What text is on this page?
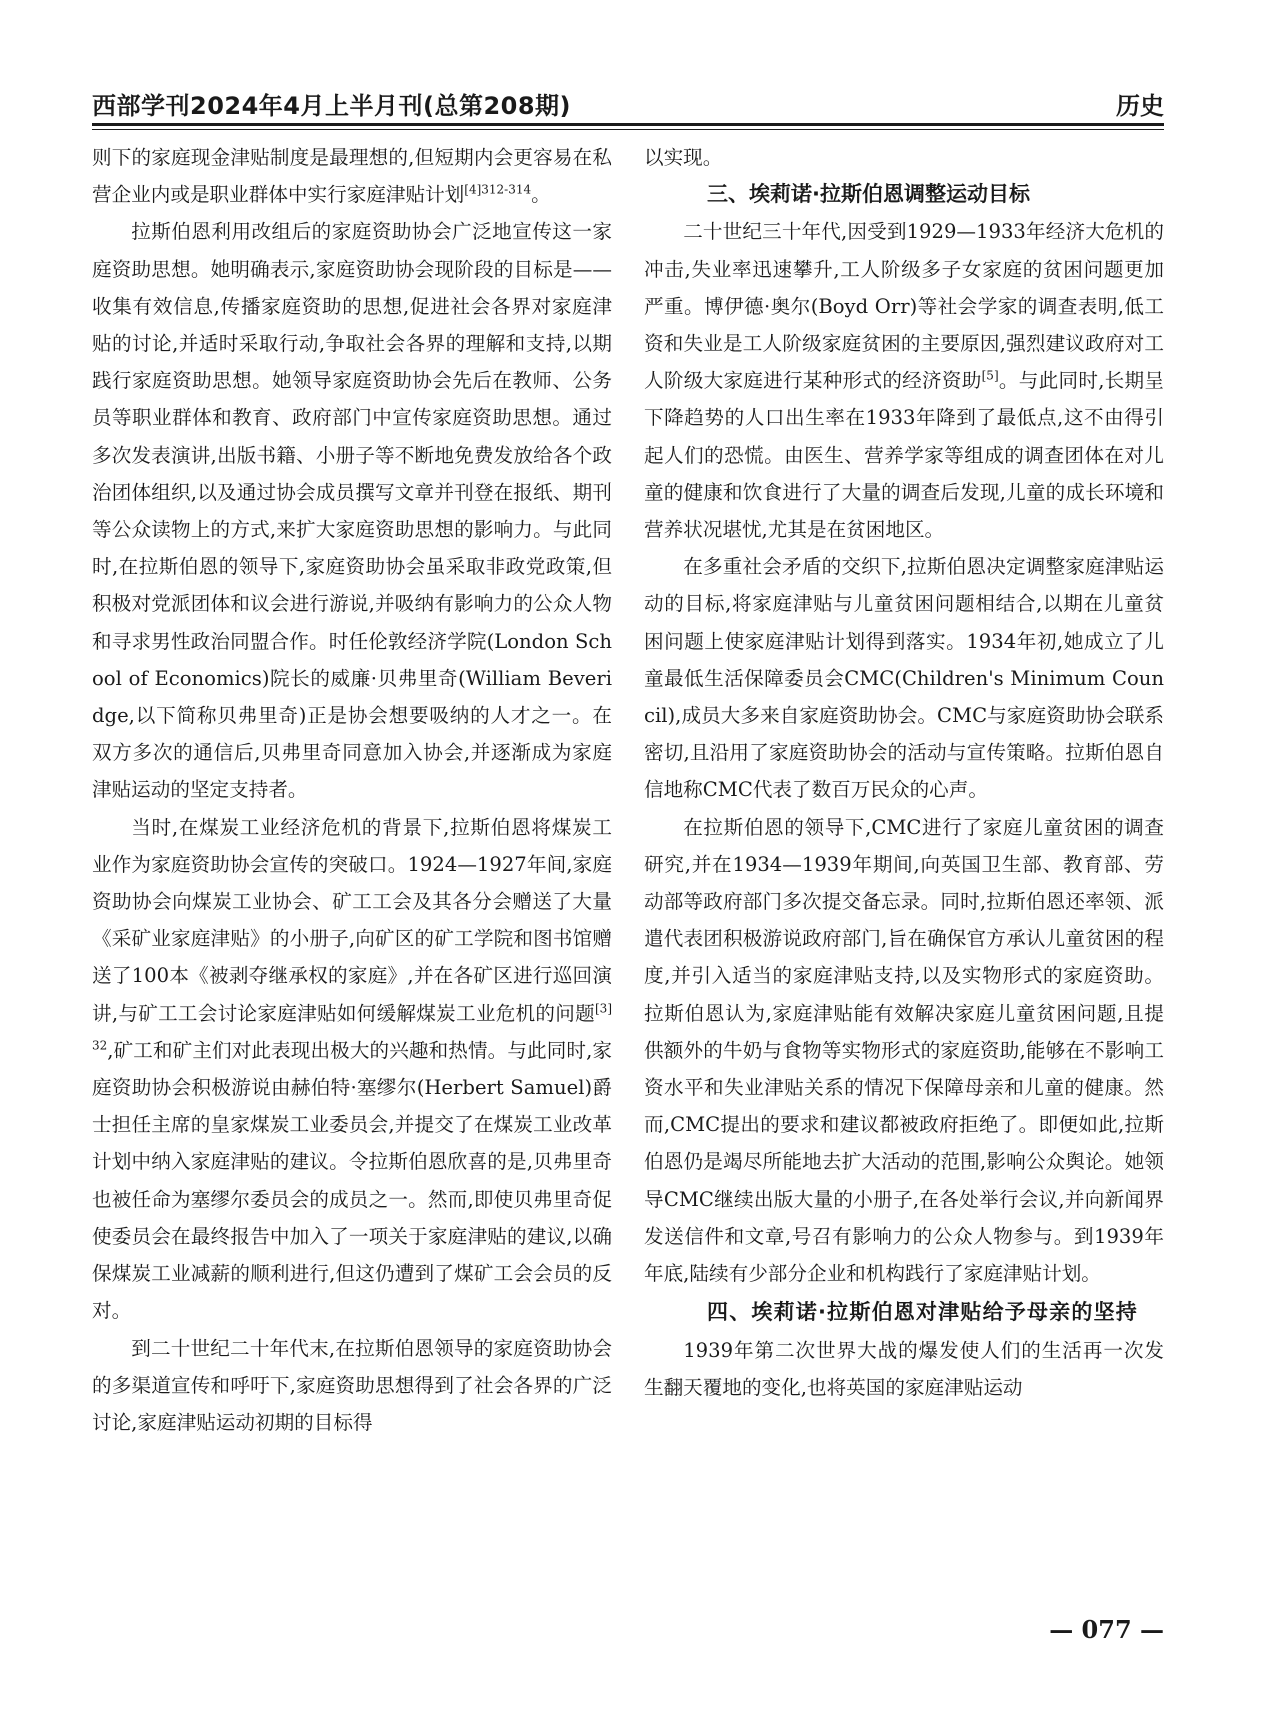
西部学刊2024年4月上半月刊(总第208期)	历史

则下的家庭现金津贴制度是最理想的,但短期内会更容易在私营企业内或是职业群体中实行家庭津贴计划$^{[4]312-314}$。

拉斯伯恩利用改组后的家庭资助协会广泛地宣传这一家庭资助思想。她明确表示,家庭资助协会现阶段的目标是——收集有效信息,传播家庭资助的思想,促进社会各界对家庭津贴的讨论,并适时采取行动,争取社会各界的理解和支持,以期践行家庭资助思想。她领导家庭资助协会先后在教师、公务员等职业群体和教育、政府部门中宣传家庭资助思想。通过多次发表演讲,出版书籍、小册子等不断地免费发放给各个政治团体组织,以及通过协会成员撰写文章并刊登在报纸、期刊等公众读物上的方式,来扩大家庭资助思想的影响力。与此同时,在拉斯伯恩的领导下,家庭资助协会虽采取非政党政策,但积极对党派团体和议会进行游说,并吸纳有影响力的公众人物和寻求男性政治同盟合作。时任伦敦经济学院(London School of Economics)院长的威廉·贝弗里奇(William Beveridge,以下简称贝弗里奇)正是协会想要吸纳的人才之一。在双方多次的通信后,贝弗里奇同意加入协会,并逐渐成为家庭津贴运动的坚定支持者。

当时,在煤炭工业经济危机的背景下,拉斯伯恩将煤炭工业作为家庭资助协会宣传的突破口。1924—1927年间,家庭资助协会向煤炭工业协会、矿工工会及其各分会赠送了大量《采矿业家庭津贴》的小册子,向矿区的矿工学院和图书馆赠送了100本《被剥夺继承权的家庭》,并在各矿区进行巡回演讲,与矿工工会讨论家庭津贴如何缓解煤炭工业危机的问题$^{[3]32}$,矿工和矿主们对此表现出极大的兴趣和热情。与此同时,家庭资助协会积极游说由赫伯特·塞缪尔(Herbert Samuel)爵士担任主席的皇家煤炭工业委员会,并提交了在煤炭工业改革计划中纳入家庭津贴的建议。令拉斯伯恩欣喜的是,贝弗里奇也被任命为塞缪尔委员会的成员之一。然而,即使贝弗里奇促使委员会在最终报告中加入了一项关于家庭津贴的建议,以确保煤炭工业减薪的顺利进行,但这仍遭到了煤矿工会会员的反对。

到二十世纪二十年代末,在拉斯伯恩领导的家庭资助协会的多渠道宣传和呼吁下,家庭资助思想得到了社会各界的广泛讨论,家庭津贴运动初期的目标得

以实现。

三、埃莉诺·拉斯伯恩调整运动目标

二十世纪三十年代,因受到1929—1933年经济大危机的冲击,失业率迅速攀升,工人阶级多子女家庭的贫困问题更加严重。博伊德·奥尔(Boyd Orr)等社会学家的调查表明,低工资和失业是工人阶级家庭贫困的主要原因,强烈建议政府对工人阶级大家庭进行某种形式的经济资助[5]。与此同时,长期呈下降趋势的人口出生率在1933年降到了最低点,这不由得引起人们的恐慌。由医生、营养学家等组成的调查团体在对儿童的健康和饮食进行了大量的调查后发现,儿童的成长环境和营养状况堪忧,尤其是在贫困地区。

在多重社会矛盾的交织下,拉斯伯恩决定调整家庭津贴运动的目标,将家庭津贴与儿童贫困问题相结合,以期在儿童贫困问题上使家庭津贴计划得到落实。1934年初,她成立了儿童最低生活保障委员会CMC(Children's Minimum Council),成员大多来自家庭资助协会。CMC与家庭资助协会联系密切,且沿用了家庭资助协会的活动与宣传策略。拉斯伯恩自信地称CMC代表了数百万民众的心声。

在拉斯伯恩的领导下,CMC进行了家庭儿童贫困的调查研究,并在1934—1939年期间,向英国卫生部、教育部、劳动部等政府部门多次提交备忘录。同时,拉斯伯恩还率领、派遣代表团积极游说政府部门,旨在确保官方承认儿童贫困的程度,并引入适当的家庭津贴支持,以及实物形式的家庭资助。拉斯伯恩认为,家庭津贴能有效解决家庭儿童贫困问题,且提供额外的牛奶与食物等实物形式的家庭资助,能够在不影响工资水平和失业津贴关系的情况下保障母亲和儿童的健康。然而,CMC提出的要求和建议都被政府拒绝了。即便如此,拉斯伯恩仍是竭尽所能地去扩大活动的范围,影响公众舆论。她领导CMC继续出版大量的小册子,在各处举行会议,并向新闻界发送信件和文章,号召有影响力的公众人物参与。到1939年年底,陆续有少部分企业和机构践行了家庭津贴计划。

四、埃莉诺·拉斯伯恩对津贴给予母亲的坚持

1939年第二次世界大战的爆发使人们的生活再一次发生翻天覆地的变化,也将英国的家庭津贴运动

— 077 —
